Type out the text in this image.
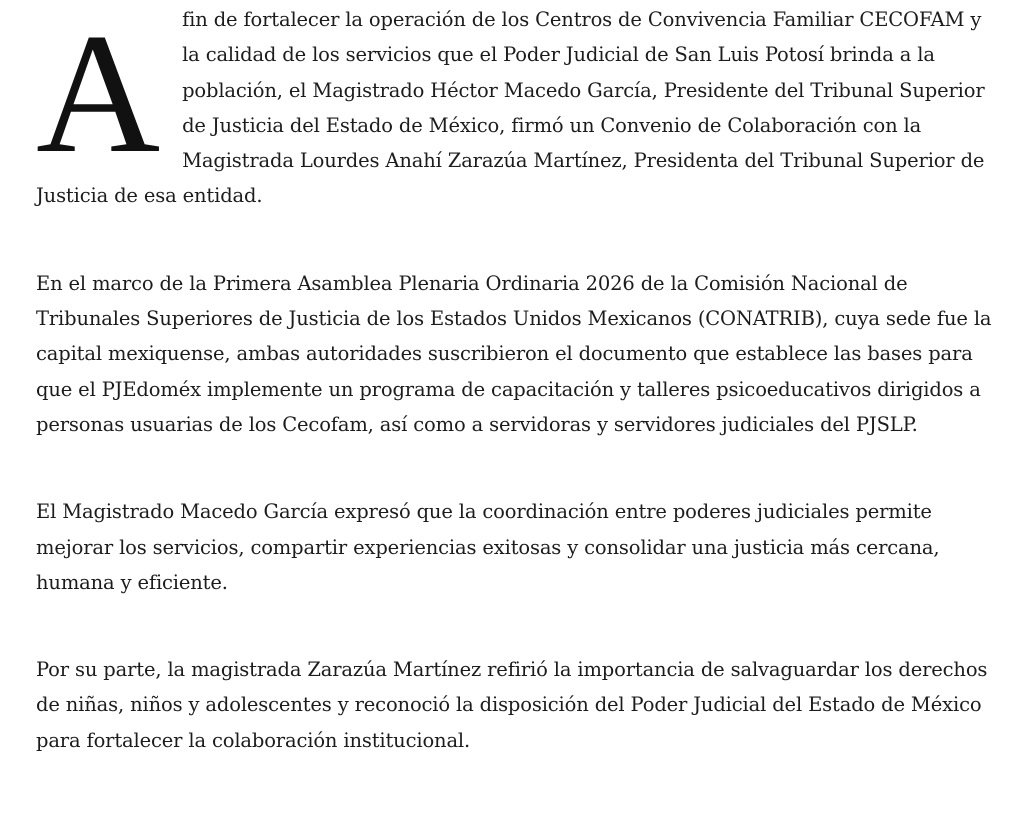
A fin de fortalecer la operación de los Centros de Convivencia Familiar CECOFAM y la calidad de los servicios que el Poder Judicial de San Luis Potosí brinda a la población, el Magistrado Héctor Macedo García, Presidente del Tribunal Superior de Justicia del Estado de México, firmó un Convenio de Colaboración con la Magistrada Lourdes Anahí Zarazúa Martínez, Presidenta del Tribunal Superior de Justicia de esa entidad.

En el marco de la Primera Asamblea Plenaria Ordinaria 2026 de la Comisión Nacional de Tribunales Superiores de Justicia de los Estados Unidos Mexicanos (CONATRIB), cuya sede fue la capital mexiquense, ambas autoridades suscribieron el documento que establece las bases para que el PJEdoméx implemente un programa de capacitación y talleres psicoeducativos dirigidos a personas usuarias de los Cecofam, así como a servidoras y servidores judiciales del PJSLP.

El Magistrado Macedo García expresó que la coordinación entre poderes judiciales permite mejorar los servicios, compartir experiencias exitosas y consolidar una justicia más cercana, humana y eficiente.

Por su parte, la magistrada Zarazúa Martínez refirió la importancia de salvaguardar los derechos de niñas, niños y adolescentes y reconoció la disposición del Poder Judicial del Estado de México para fortalecer la colaboración institucional.
